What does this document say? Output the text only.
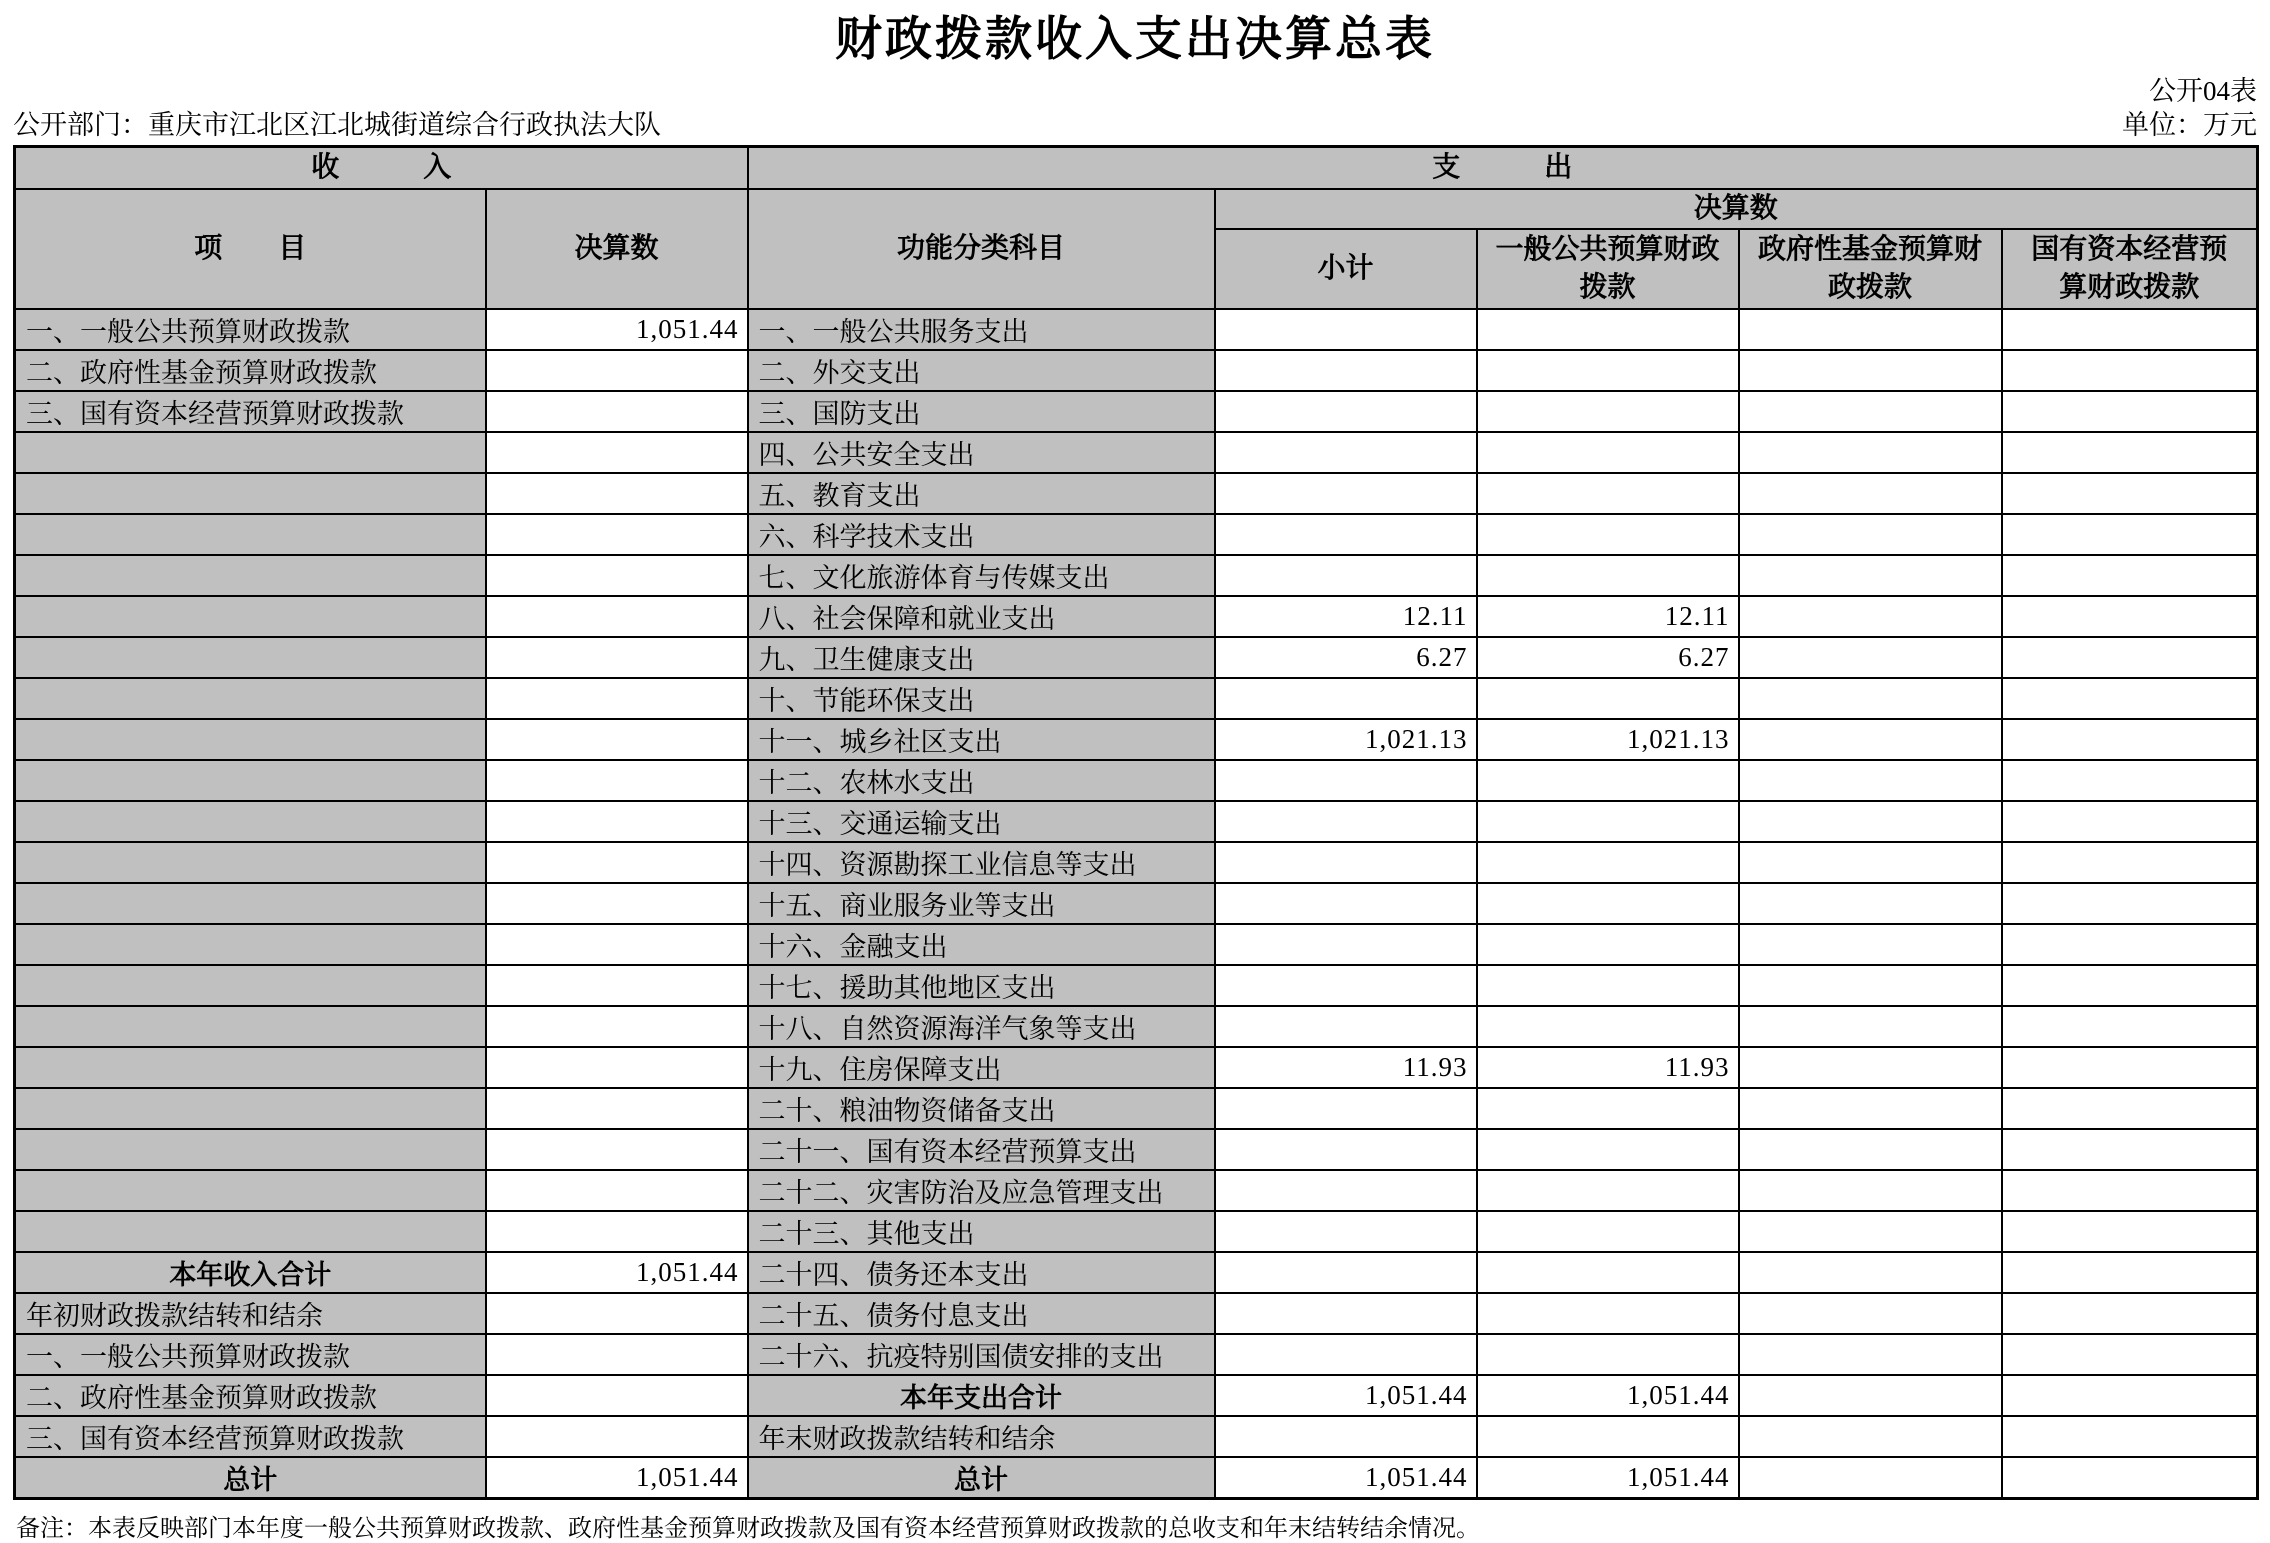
财政拨款收入支出决算总表
公开04表
公开部门：重庆市江北区江北城街道综合行政执法大队	单位：万元
收　　　入		支　　　出				
项　　目	决算数	功能分类科目	决算数			
			小计	一般公共预算财政拨款	政府性基金预算财政拨款	国有资本经营预算财政拨款
一、一般公共预算财政拨款	1,051.44	一、一般公共服务支出				
二、政府性基金预算财政拨款		二、外交支出				
三、国有资本经营预算财政拨款		三、国防支出				
		四、公共安全支出				
		五、教育支出				
		六、科学技术支出				
		七、文化旅游体育与传媒支出				
		八、社会保障和就业支出	12.11	12.11		
		九、卫生健康支出	6.27	6.27		
		十、节能环保支出				
		十一、城乡社区支出	1,021.13	1,021.13		
		十二、农林水支出				
		十三、交通运输支出				
		十四、资源勘探工业信息等支出				
		十五、商业服务业等支出				
		十六、金融支出				
		十七、援助其他地区支出				
		十八、自然资源海洋气象等支出				
		十九、住房保障支出	11.93	11.93		
		二十、粮油物资储备支出				
		二十一、国有资本经营预算支出				
		二十二、灾害防治及应急管理支出				
		二十三、其他支出				
本年收入合计	1,051.44	二十四、债务还本支出				
年初财政拨款结转和结余		二十五、债务付息支出				
一、一般公共预算财政拨款		二十六、抗疫特别国债安排的支出				
二、政府性基金预算财政拨款		本年支出合计	1,051.44	1,051.44		
三、国有资本经营预算财政拨款		年末财政拨款结转和结余				
总计	1,051.44	总计	1,051.44	1,051.44		
备注：本表反映部门本年度一般公共预算财政拨款、政府性基金预算财政拨款及国有资本经营预算财政拨款的总收支和年末结转结余情况。
